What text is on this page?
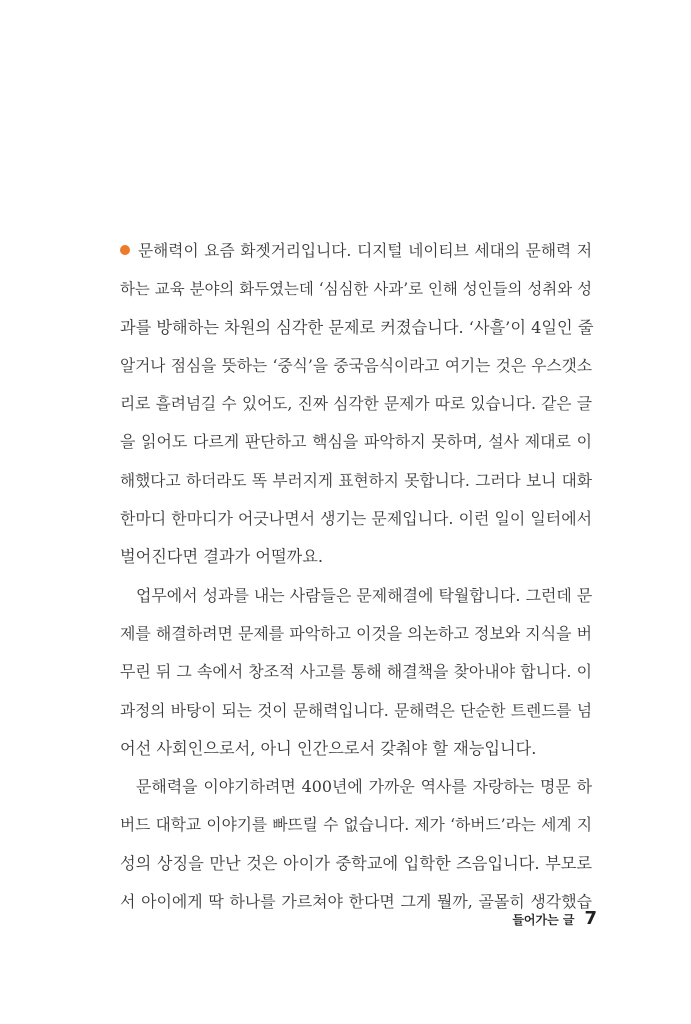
문해력이 요즘 화젯거리입니다. 디지털 네이티브 세대의 문해력 저
하는 교육 분야의 화두였는데 ‘심심한 사과’로 인해 성인들의 성취와 성
과를 방해하는 차원의 심각한 문제로 커졌습니다. ‘사흘’이 4일인 줄
알거나 점심을 뜻하는 ‘중식’을 중국음식이라고 여기는 것은 우스갯소
리로 흘려넘길 수 있어도, 진짜 심각한 문제가 따로 있습니다. 같은 글
을 읽어도 다르게 판단하고 핵심을 파악하지 못하며, 설사 제대로 이
해했다고 하더라도 똑 부러지게 표현하지 못합니다. 그러다 보니 대화
한마디 한마디가 어긋나면서 생기는 문제입니다. 이런 일이 일터에서
벌어진다면 결과가 어떨까요.
업무에서 성과를 내는 사람들은 문제해결에 탁월합니다. 그런데 문
제를 해결하려면 문제를 파악하고 이것을 의논하고 정보와 지식을 버
무린 뒤 그 속에서 창조적 사고를 통해 해결책을 찾아내야 합니다. 이
과정의 바탕이 되는 것이 문해력입니다. 문해력은 단순한 트렌드를 넘
어선 사회인으로서, 아니 인간으로서 갖춰야 할 재능입니다.
문해력을 이야기하려면 400년에 가까운 역사를 자랑하는 명문 하
버드 대학교 이야기를 빠뜨릴 수 없습니다. 제가 ‘하버드’라는 세계 지
성의 상징을 만난 것은 아이가 중학교에 입학한 즈음입니다. 부모로
서 아이에게 딱 하나를 가르쳐야 한다면 그게 뭘까, 골몰히 생각했습
들어가는 글 7
